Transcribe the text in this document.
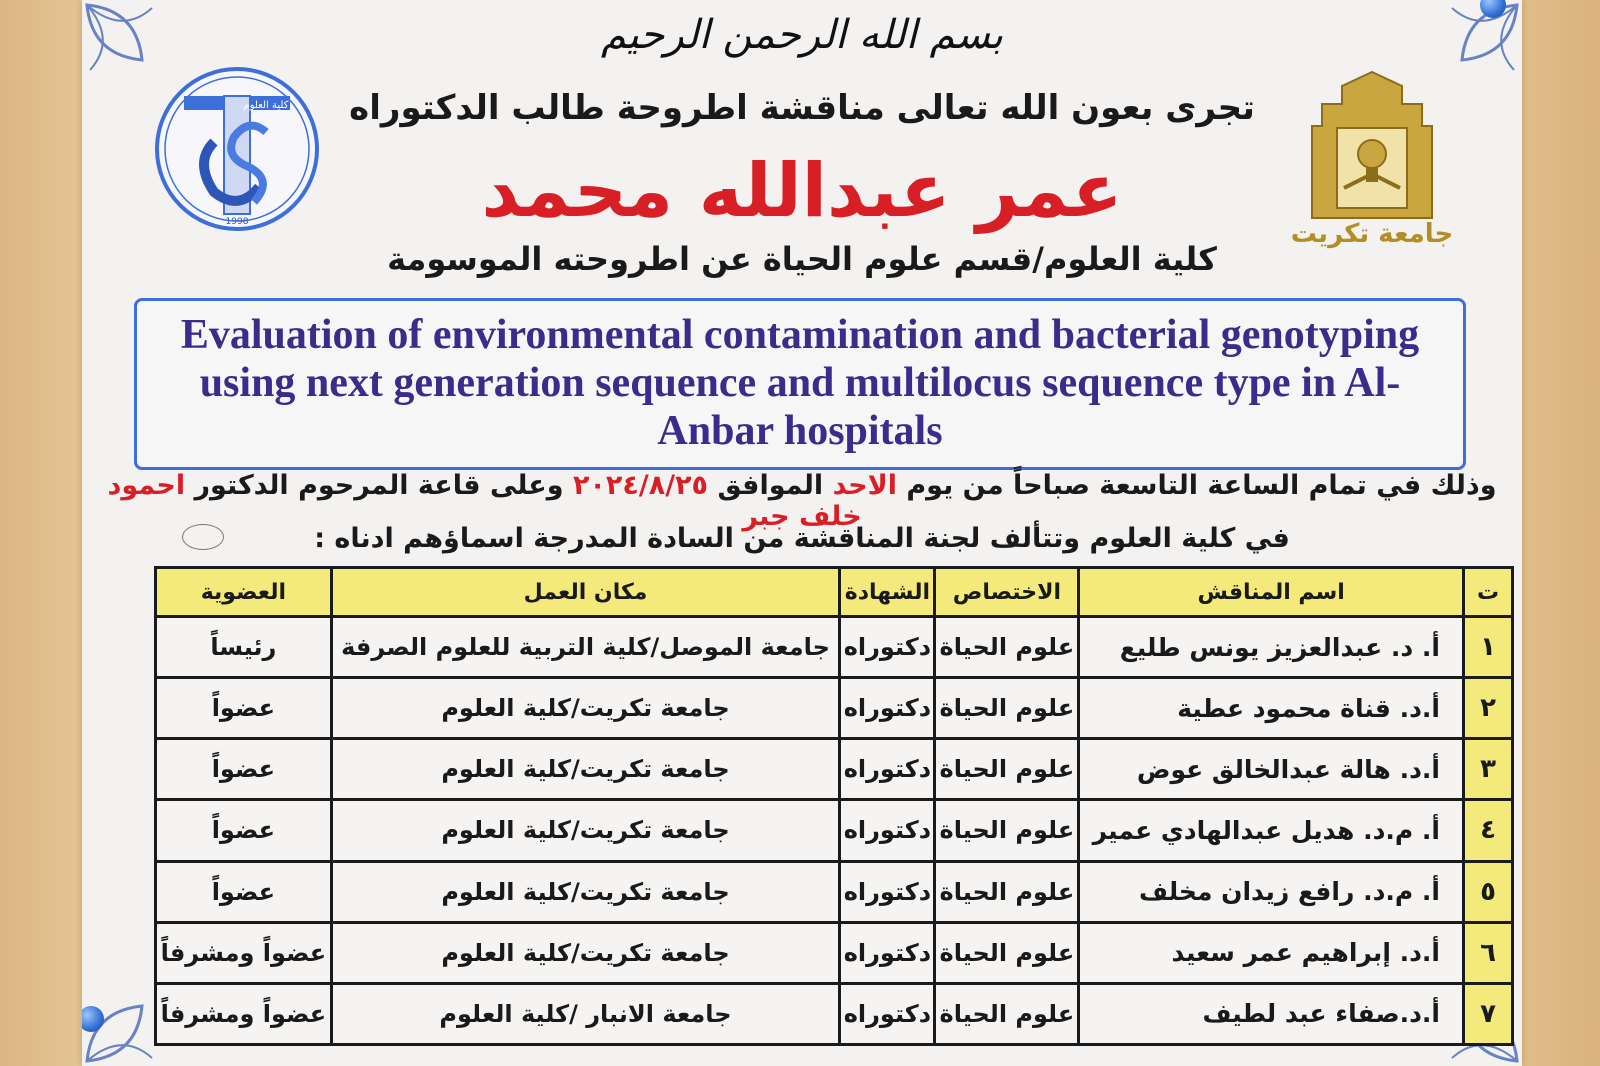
كلية العلوم
1998	جامعة تكريت
بسم الله الرحمن الرحيم
تجرى بعون الله تعالى مناقشة اطروحة طالب الدكتوراه
عمر عبدالله محمد
كلية العلوم/قسم علوم الحياة عن اطروحته الموسومة
Evaluation of environmental contamination and bacterial genotyping using next generation sequence and multilocus sequence type in Al-Anbar hospitals
وذلك في تمام الساعة التاسعة صباحاً من يوم الاحد الموافق ٢٠٢٤/٨/٢٥ وعلى قاعة المرحوم الدكتور احمود خلف جبر
في كلية العلوم وتتألف لجنة المناقشة من السادة المدرجة اسماؤهم ادناه :
ت	اسم المناقش	الاختصاص	الشهادة	مكان العمل	العضوية
١	أ. د. عبدالعزيز يونس طليع	علوم الحياة	دكتوراه	جامعة الموصل/كلية التربية للعلوم الصرفة	رئيساً
٢	أ.د. قناة محمود عطية	علوم الحياة	دكتوراه	جامعة تكريت/كلية العلوم	عضواً
٣	أ.د. هالة عبدالخالق عوض	علوم الحياة	دكتوراه	جامعة تكريت/كلية العلوم	عضواً
٤	أ. م.د. هديل عبدالهادي عمير	علوم الحياة	دكتوراه	جامعة تكريت/كلية العلوم	عضواً
٥	أ. م.د. رافع زيدان مخلف	علوم الحياة	دكتوراه	جامعة تكريت/كلية العلوم	عضواً
٦	أ.د. إبراهيم عمر سعيد	علوم الحياة	دكتوراه	جامعة تكريت/كلية العلوم	عضواً ومشرفاً
٧	أ.د.صفاء عبد لطيف	علوم الحياة	دكتوراه	جامعة الانبار /كلية العلوم	عضواً ومشرفاً
